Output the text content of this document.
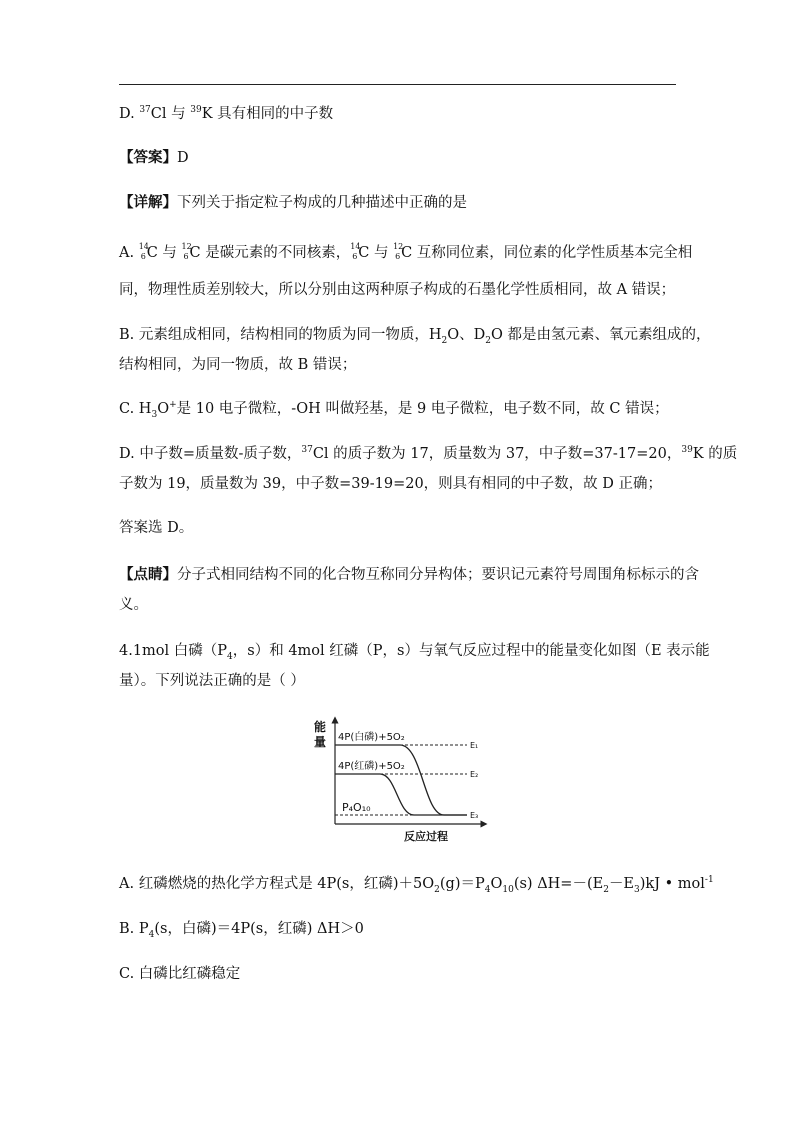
D. $^{37}$Cl 与 $^{39}$K 具有相同的中子数
【答案】D
【详解】下列关于指定粒子构成的几种描述中正确的是
A. 14
6 C 与 12
6 C 是碳元素的不同核素， 14
6 C 与 12
6 C 互称同位素，同位素的化学性质基本完全相
同，物理性质差别较大，所以分别由这两种原子构成的石墨化学性质相同，故 A 错误；
B. 元素组成相同，结构相同的物质为同一物质，$H_2O$、$D_2O$ 都是由氢元素、氧元素组成的，
结构相同，为同一物质，故 B 错误；
C. $H_3O^+$是 10 电子微粒，-OH 叫做羟基，是 9 电子微粒，电子数不同，故 C 错误；
D. 中子数=质量数-质子数，$^{37}$Cl 的质子数为 17，质量数为 37，中子数=37-17=20，$^{39}$K 的质
子数为 19，质量数为 39，中子数=39-19=20，则具有相同的中子数，故 D 正确；
答案选 D。
【点睛】分子式相同结构不同的化合物互称同分异构体；要识记元素符号周围角标标示的含
义。
4.1mol 白磷（$P_4$，s）和 4mol 红磷（P，s）与氧气反应过程中的能量变化如图（E 表示能
量）。下列说法正确的是（ ）
能
量 4P(白磷)+5O₂
4P(红磷)+5O₂
P₄O₁₀
E₁
E₂
E₃
反应过程
A. 红磷燃烧的热化学方程式是 4P(s，红磷)$+5O_2(g)=P_4O_{10}(s)$ $\Delta H=-(E_2-E_3)kJ$ • mol$^{-1}$
B. $P_4(s$，白磷)＝4P(s，红磷) ΔH＞0
C. 白磷比红磷稳定
